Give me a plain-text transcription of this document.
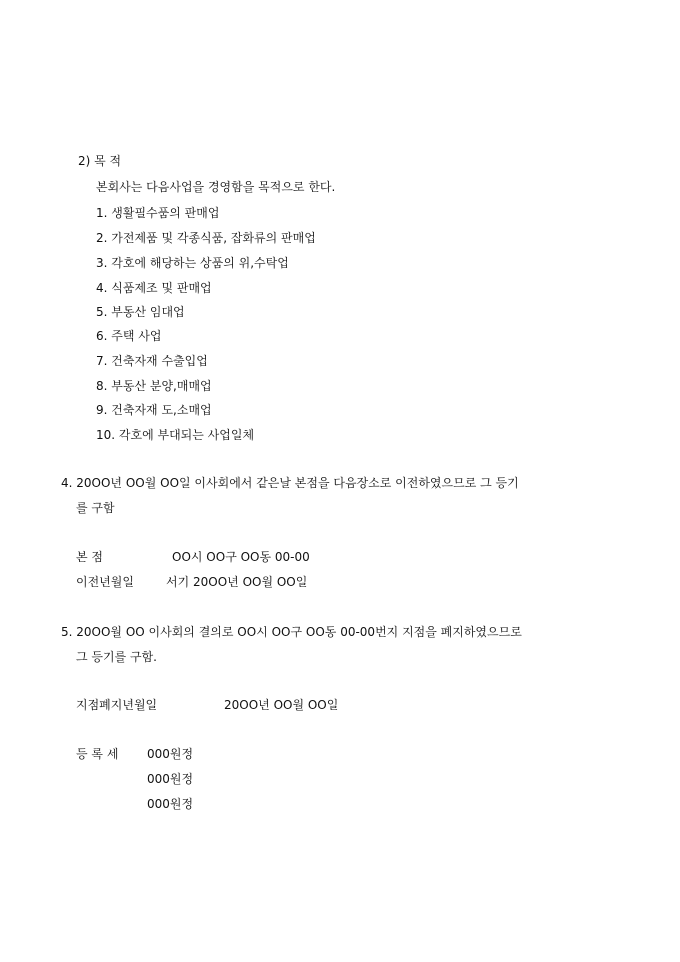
2) 목 적
본회사는 다음사업을 경영함을 목적으로 한다.
1. 생활필수품의 판매업
2. 가전제품 및 각종식품, 잡화류의 판매업
3. 각호에 해당하는 상품의 위,수탁업
4. 식품제조 및 판매업
5. 부동산 임대업
6. 주택 사업
7. 건축자재 수출입업
8. 부동산 분양,매매업
9. 건축자재 도,소매업
10. 각호에 부대되는 사업일체
4. 20OO년 OO월 OO일 이사회에서 같은날 본점을 다음장소로 이전하였으므로 그 등기
를 구함
본 점	OO시 OO구 OO동 00-00
이전년월일	서기 20OO년 OO월 OO일
5. 20OO월 OO 이사회의 결의로 OO시 OO구 OO동 00-00번지 지점을 폐지하였으므로
그 등기를 구함.
지점폐지년월일	20OO년 OO월 OO일
등 록 세 000원정
000원정
000원정
